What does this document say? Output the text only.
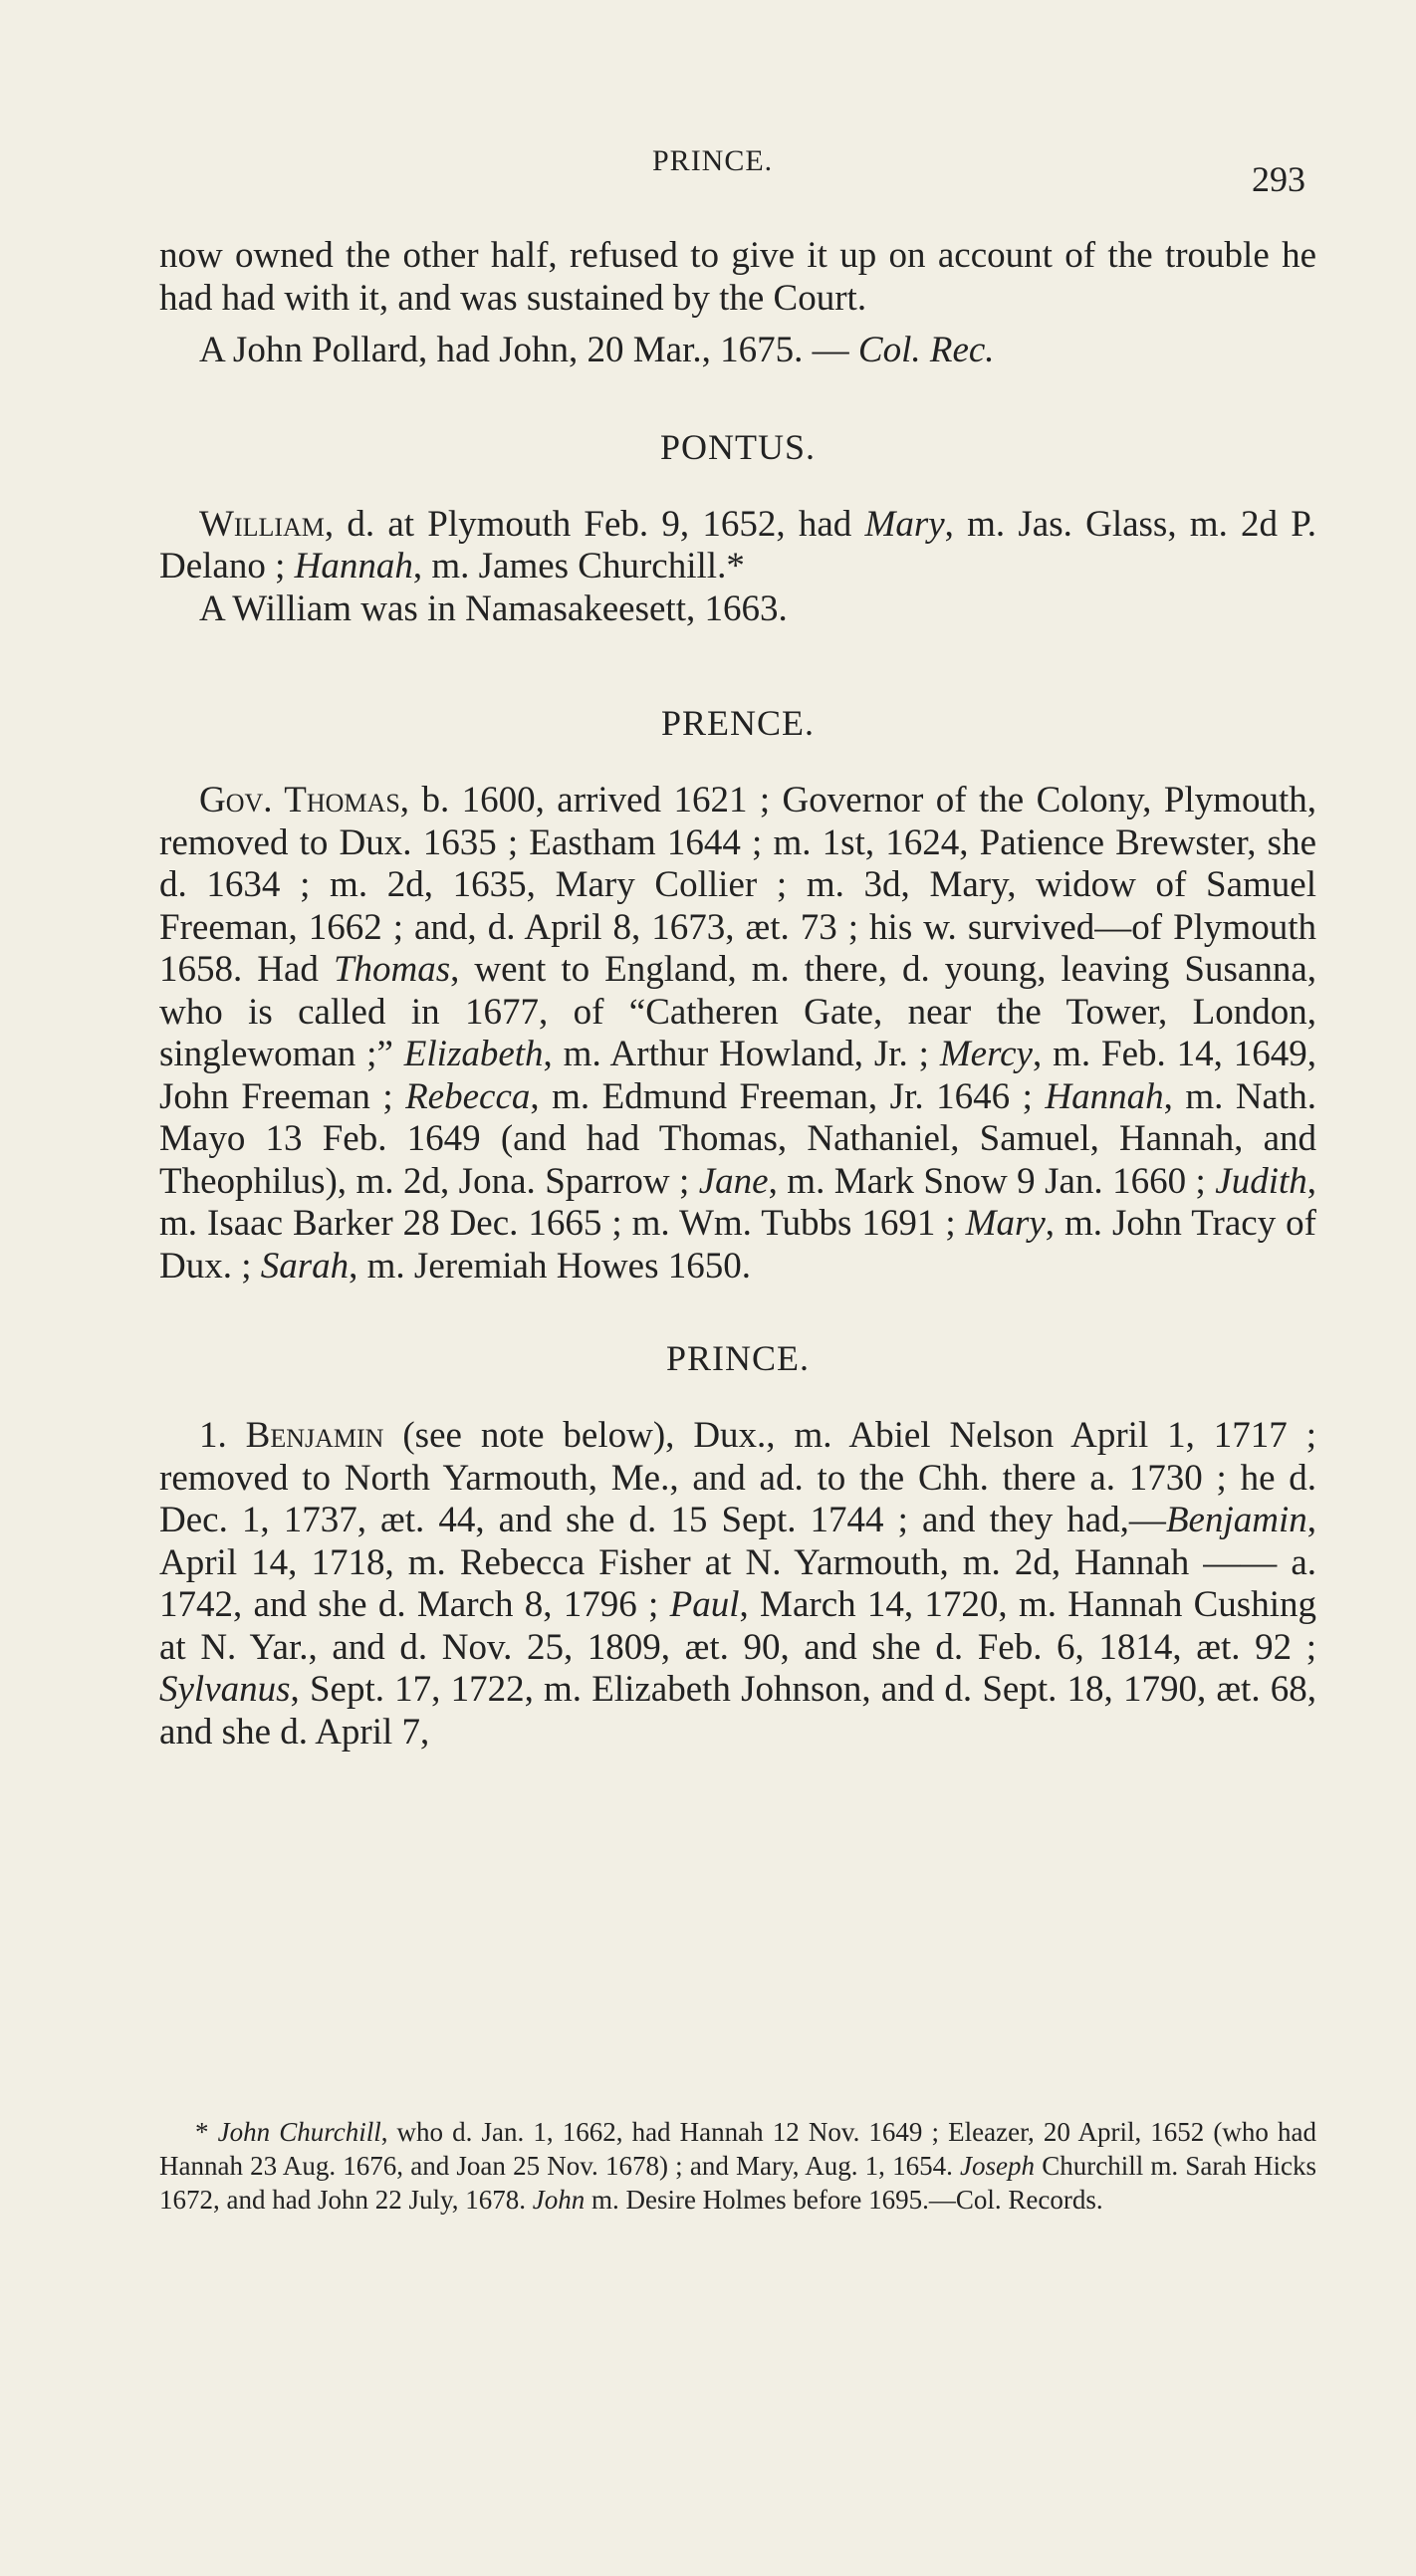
PRINCE.	293

now owned the other half, refused to give it up on account of the trouble he had had with it, and was sustained by the Court.

A John Pollard, had John, 20 Mar., 1675. — Col. Rec.

PONTUS.

William, d. at Plymouth Feb. 9, 1652, had Mary, m. Jas. Glass, m. 2d P. Delano ; Hannah, m. James Churchill.*

A William was in Namasakeesett, 1663.

PRENCE.

Gov. Thomas, b. 1600, arrived 1621 ; Governor of the Colony, Plymouth, removed to Dux. 1635 ; Eastham 1644 ; m. 1st, 1624, Patience Brewster, she d. 1634 ; m. 2d, 1635, Mary Collier ; m. 3d, Mary, widow of Samuel Freeman, 1662 ; and, d. April 8, 1673, æt. 73 ; his w. survived—of Plymouth 1658. Had Thomas, went to England, m. there, d. young, leaving Susanna, who is called in 1677, of “Catheren Gate, near the Tower, London, singlewoman ;” Elizabeth, m. Arthur Howland, Jr. ; Mercy, m. Feb. 14, 1649, John Freeman ; Rebecca, m. Edmund Freeman, Jr. 1646 ; Hannah, m. Nath. Mayo 13 Feb. 1649 (and had Thomas, Nathaniel, Samuel, Hannah, and Theophilus), m. 2d, Jona. Sparrow ; Jane, m. Mark Snow 9 Jan. 1660 ; Judith, m. Isaac Barker 28 Dec. 1665 ; m. Wm. Tubbs 1691 ; Mary, m. John Tracy of Dux. ; Sarah, m. Jeremiah Howes 1650.

PRINCE.

1. Benjamin (see note below), Dux., m. Abiel Nelson April 1, 1717 ; removed to North Yarmouth, Me., and ad. to the Chh. there a. 1730 ; he d. Dec. 1, 1737, æt. 44, and she d. 15 Sept. 1744 ; and they had,—Benjamin, April 14, 1718, m. Rebecca Fisher at N. Yarmouth, m. 2d, Hannah —— a. 1742, and she d. March 8, 1796 ; Paul, March 14, 1720, m. Hannah Cushing at N. Yar., and d. Nov. 25, 1809, æt. 90, and she d. Feb. 6, 1814, æt. 92 ; Sylvanus, Sept. 17, 1722, m. Elizabeth Johnson, and d. Sept. 18, 1790, æt. 68, and she d. April 7,

* John Churchill, who d. Jan. 1, 1662, had Hannah 12 Nov. 1649 ; Eleazer, 20 April, 1652 (who had Hannah 23 Aug. 1676, and Joan 25 Nov. 1678) ; and Mary, Aug. 1, 1654. Joseph Churchill m. Sarah Hicks 1672, and had John 22 July, 1678. John m. Desire Holmes before 1695.—Col. Records.
